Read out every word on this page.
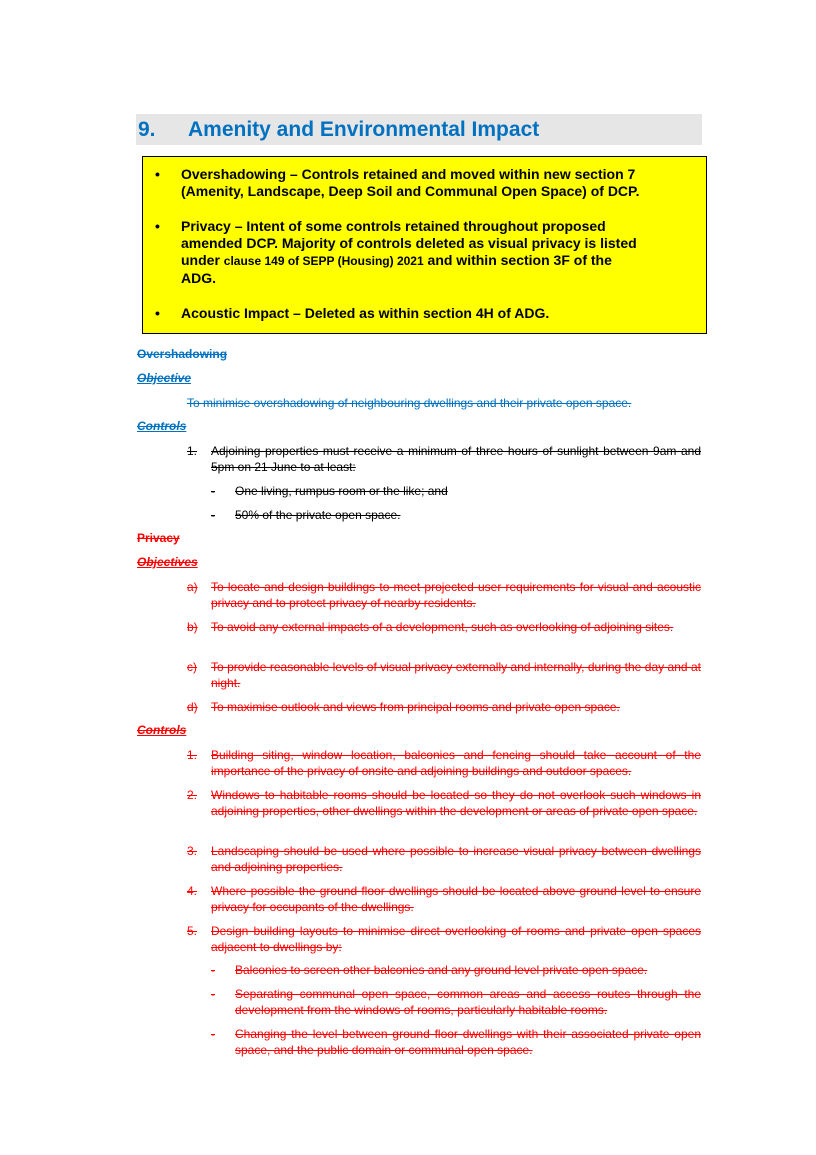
9. Amenity and Environmental Impact
• Overshadowing – Controls retained and moved within new section 7
(Amenity, Landscape, Deep Soil and Communal Open Space) of DCP.
• Privacy – Intent of some controls retained throughout proposed
amended DCP. Majority of controls deleted as visual privacy is listed
under clause 149 of SEPP (Housing) 2021 and within section 3F of the
ADG.
• Acoustic Impact – Deleted as within section 4H of ADG.
Overshadowing
Objective
To minimise overshadowing of neighbouring dwellings and their private open space.
Controls
1. Adjoining properties must receive a minimum of three hours of sunlight between 9am and 5pm on 21 June to at least:
- One living, rumpus room or the like; and
- 50% of the private open space.
Privacy
Objectives
a) To locate and design buildings to meet projected user requirements for visual and acoustic privacy and to protect privacy of nearby residents.
b) To avoid any external impacts of a development, such as overlooking of adjoining sites.
c) To provide reasonable levels of visual privacy externally and internally, during the day and at night.
d) To maximise outlook and views from principal rooms and private open space.
Controls
1. Building siting, window location, balconies and fencing should take account of the importance of the privacy of onsite and adjoining buildings and outdoor spaces.
2. Windows to habitable rooms should be located so they do not overlook such windows in adjoining properties, other dwellings within the development or areas of private open space.
3. Landscaping should be used where possible to increase visual privacy between dwellings and adjoining properties.
4. Where possible the ground floor dwellings should be located above ground level to ensure privacy for occupants of the dwellings.
5. Design building layouts to minimise direct overlooking of rooms and private open spaces adjacent to dwellings by:
- Balconies to screen other balconies and any ground level private open space.
- Separating communal open space, common areas and access routes through the development from the windows of rooms, particularly habitable rooms.
- Changing the level between ground floor dwellings with their associated private open space, and the public domain or communal open space.
